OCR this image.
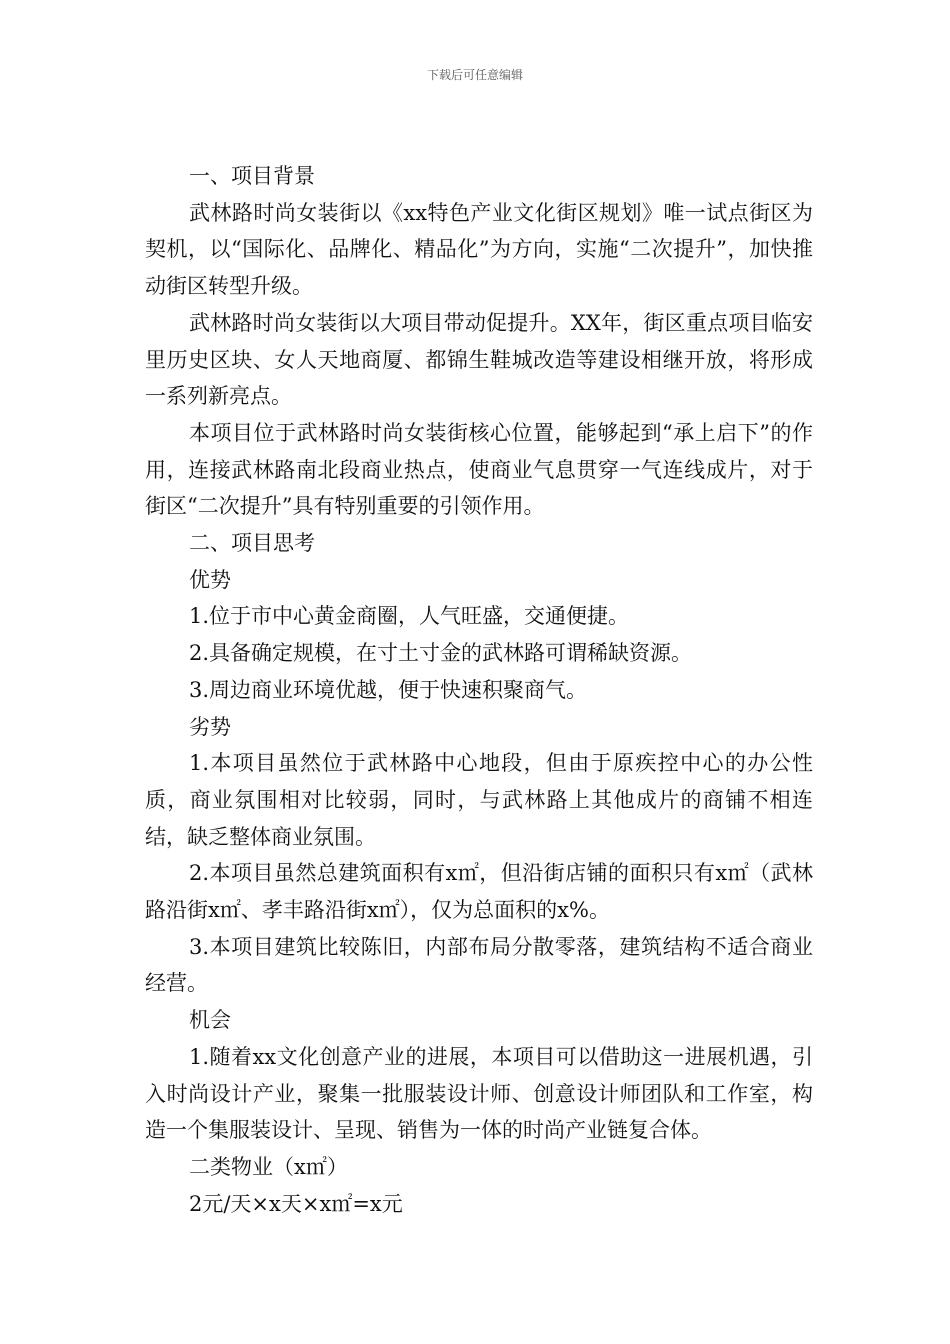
下载后可任意编辑

一、项目背景

武林路时尚女装街以《xx特色产业文化街区规划》唯一试点街区为契机，以“国际化、品牌化、精品化”为方向，实施“二次提升”，加快推动街区转型升级。

武林路时尚女装街以大项目带动促提升。XX年，街区重点项目临安里历史区块、女人天地商厦、都锦生鞋城改造等建设相继开放，将形成一系列新亮点。

本项目位于武林路时尚女装街核心位置，能够起到“承上启下”的作用，连接武林路南北段商业热点，使商业气息贯穿一气连线成片，对于街区“二次提升”具有特别重要的引领作用。

二、项目思考

优势

1.位于市中心黄金商圈，人气旺盛，交通便捷。

2.具备确定规模，在寸土寸金的武林路可谓稀缺资源。

3.周边商业环境优越，便于快速积聚商气。

劣势

1.本项目虽然位于武林路中心地段，但由于原疾控中心的办公性质，商业氛围相对比较弱，同时，与武林路上其他成片的商铺不相连结，缺乏整体商业氛围。

2.本项目虽然总建筑面积有x㎡，但沿街店铺的面积只有x㎡（武林路沿街x㎡、孝丰路沿街x㎡），仅为总面积的x%。

3.本项目建筑比较陈旧，内部布局分散零落，建筑结构不适合商业经营。

机会

1.随着xx文化创意产业的进展，本项目可以借助这一进展机遇，引入时尚设计产业，聚集一批服装设计师、创意设计师团队和工作室，构造一个集服装设计、呈现、销售为一体的时尚产业链复合体。

二类物业（x㎡）

2元/天×x天×x㎡=x元
